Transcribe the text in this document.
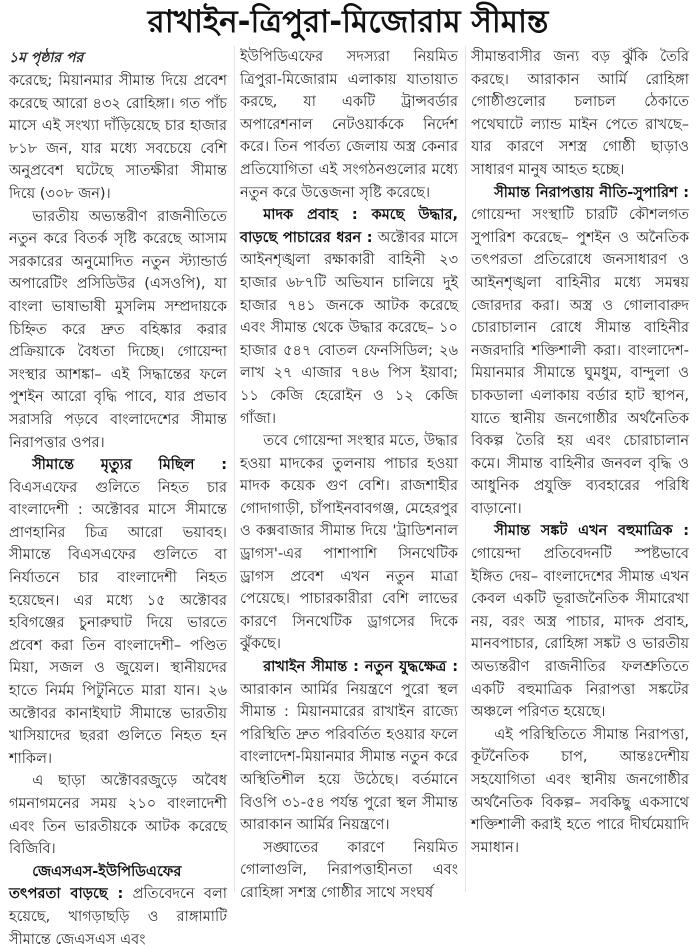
রাখাইন-ত্রিপুরা-মিজোরাম সীমান্ত
১ম পৃষ্ঠার পর

করেছে; মিয়ানমার সীমান্ত দিয়ে প্রবেশ করেছে আরো ৪৩২ রোহিঙ্গা। গত পাঁচ মাসে এই সংখ্যা দাঁড়িয়েছে চার হাজার ৮১৮ জন, যার মধ্যে সবচেয়ে বেশি অনুপ্রবেশ ঘটেছে সাতক্ষীরা সীমান্ত দিয়ে (৩০৮ জন)।

ভারতীয় অভ্যন্তরীণ রাজনীতিতে নতুন করে বিতর্ক সৃষ্টি করেছে আসাম সরকারের অনুমোদিত নতুন স্ট্যান্ডার্ড অপারেটিং প্রসিডিউর (এসওপি), যা বাংলা ভাষাভাষী মুসলিম সম্প্রদায়কে চিহ্নিত করে দ্রুত বহিষ্কার করার প্রক্রিয়াকে বৈধতা দিচ্ছে। গোয়েন্দা সংস্থার আশঙ্কা– এই সিদ্ধান্তের ফলে পুশইন আরো বৃদ্ধি পাবে, যার প্রভাব সরাসরি পড়বে বাংলাদেশের সীমান্ত নিরাপত্তার ওপর।

সীমান্তে মৃত্যুর মিছিল : বিএসএফের গুলিতে নিহত চার বাংলাদেশী : অক্টোবর মাসে সীমান্তে প্রাণহানির চিত্র আরো ভয়াবহ। সীমান্তে বিএসএফের গুলিতে বা নির্যাতনে চার বাংলাদেশী নিহত হয়েছেন। এর মধ্যে ১৫ অক্টোবর হবিগঞ্জের চুনারুঘাট দিয়ে ভারতে প্রবেশ করা তিন বাংলাদেশী– পণ্ডিত মিয়া, সজল ও জুয়েল। স্থানীয়দের হাতে নির্মম পিটুনিতে মারা যান। ২৬ অক্টোবর কানাইঘাট সীমান্তে ভারতীয় খাসিয়াদের ছররা গুলিতে নিহত হন শাকিল।

এ ছাড়া অক্টোবরজুড়ে অবৈধ গমনাগমনের সময় ২১০ বাংলাদেশী এবং তিন ভারতীয়কে আটক করেছে বিজিবি।

জেএসএস-ইউপিডিএফের তৎপরতা বাড়ছে : প্রতিবেদনে বলা হয়েছে, খাগড়াছড়ি ও রাঙ্গামাটি সীমান্তে জেএসএস এবং

ইউপিডিএফের সদস্যরা নিয়মিত ত্রিপুরা-মিজোরাম এলাকায় যাতায়াত করছে, যা একটি ট্রান্সবর্ডার অপারেশনাল নেটওয়ার্ককে নির্দেশ করে। তিন পার্বত্য জেলায় অস্ত্র কেনার প্রতিযোগিতা এই সংগঠনগুলোর মধ্যে নতুন করে উত্তেজনা সৃষ্টি করেছে।

মাদক প্রবাহ : কমছে উদ্ধার, বাড়ছে পাচারের ধরন : অক্টোবর মাসে আইনশৃঙ্খলা রক্ষাকারী বাহিনী ২৩ হাজার ৬৮৭টি অভিযান চালিয়ে দুই হাজার ৭৪১ জনকে আটক করেছে এবং সীমান্ত থেকে উদ্ধার করেছে– ১০ হাজার ৫৪৭ বোতল ফেনসিডিল; ২৬ লাখ ২৭ এাজার ৭৪৬ পিস ইয়াবা; ১১ কেজি হেরোইন ও ১২ কেজি গাঁজা।

তবে গোয়েন্দা সংস্থার মতে, উদ্ধার হওয়া মাদকের তুলনায় পাচার হওয়া মাদক কয়েক গুণ বেশি। রাজশাহীর গোদাগাড়ী, চাঁপাইনবাবগঞ্জ, মেহেরপুর ও কক্সবাজার সীমান্ত দিয়ে 'ট্রাডিশনাল ড্রাগস'-এর পাশাপাশি সিনথেটিক ড্রাগস প্রবেশ এখন নতুন মাত্রা পেয়েছে। পাচারকারীরা বেশি লাভের কারণে সিনথেটিক ড্রাগসের দিকে ঝুঁকছে।

রাখাইন সীমান্ত : নতুন যুদ্ধক্ষেত্র : আরাকান আর্মির নিয়ন্ত্রণে পুরো স্থল সীমান্ত : মিয়ানমারের রাখাইন রাজ্যে পরিস্থিতি দ্রুত পরিবর্তিত হওয়ার ফলে বাংলাদেশ-মিয়ানমার সীমান্ত নতুন করে অস্থিতিশীল হয়ে উঠেছে। বর্তমানে বিওপি ৩১-৫৪ পর্যন্ত পুরো স্থল সীমান্ত আরাকান আর্মির নিয়ন্ত্রণে।

সঙ্ঘাতের কারণে নিয়মিত গোলাগুলি, নিরাপত্তাহীনতা এবং রোহিঙ্গা সশস্ত্র গোষ্ঠীর সাথে সংঘর্ষ

সীমান্তবাসীর জন্য বড় ঝুঁকি তৈরি করছে। আরাকান আর্মি রোহিঙ্গা গোষ্ঠীগুলোর চলাচল ঠেকাতে পথেঘাটে ল্যান্ড মাইন পেতে রাখছে– যার কারণে সশস্ত্র গোষ্ঠী ছাড়াও সাধারণ মানুষ আহত হচ্ছে।

সীমান্ত নিরাপত্তায় নীতি-সুপারিশ : গোয়েন্দা সংস্থাটি চারটি কৌশলগত সুপারিশ করেছে– পুশইন ও অনৈতিক তৎপরতা প্রতিরোধে জনসাধারণ ও আইনশৃঙ্খলা বাহিনীর মধ্যে সমন্বয় জোরদার করা। অস্ত্র ও গোলাবারুদ চোরাচালান রোধে সীমান্ত বাহিনীর নজরদারি শক্তিশালী করা। বাংলাদেশ-মিয়ানমার সীমান্তে ঘুমধুম, বান্দুলা ও চাকডালা এলাকায় বর্ডার হাট স্থাপন, যাতে স্থানীয় জনগোষ্ঠীর অর্থনৈতিক বিকল্প তৈরি হয় এবং চোরাচালান কমে। সীমান্ত বাহিনীর জনবল বৃদ্ধি ও আধুনিক প্রযুক্তি ব্যবহারের পরিধি বাড়ানো।

সীমান্ত সঙ্কট এখন বহুমাত্রিক : গোয়েন্দা প্রতিবেদনটি স্পষ্টভাবে ইঙ্গিত দেয়– বাংলাদেশের সীমান্ত এখন কেবল একটি ভূরাজনৈতিক সীমারেখা নয়, বরং অস্ত্র পাচার, মাদক প্রবাহ, মানবপাচার, রোহিঙ্গা সঙ্কট ও ভারতীয় অভ্যন্তরীণ রাজনীতির ফলশ্রুতিতে একটি বহুমাত্রিক নিরাপত্তা সঙ্কটের অঞ্চলে পরিণত হয়েছে।

এই পরিস্থিতিতে সীমান্ত নিরাপত্তা, কূটনৈতিক চাপ, আন্তঃদেশীয় সহযোগিতা এবং স্থানীয় জনগোষ্ঠীর অর্থনৈতিক বিকল্প– সবকিছু একসাথে শক্তিশালী করাই হতে পারে দীর্ঘমেয়াদি সমাধান।
